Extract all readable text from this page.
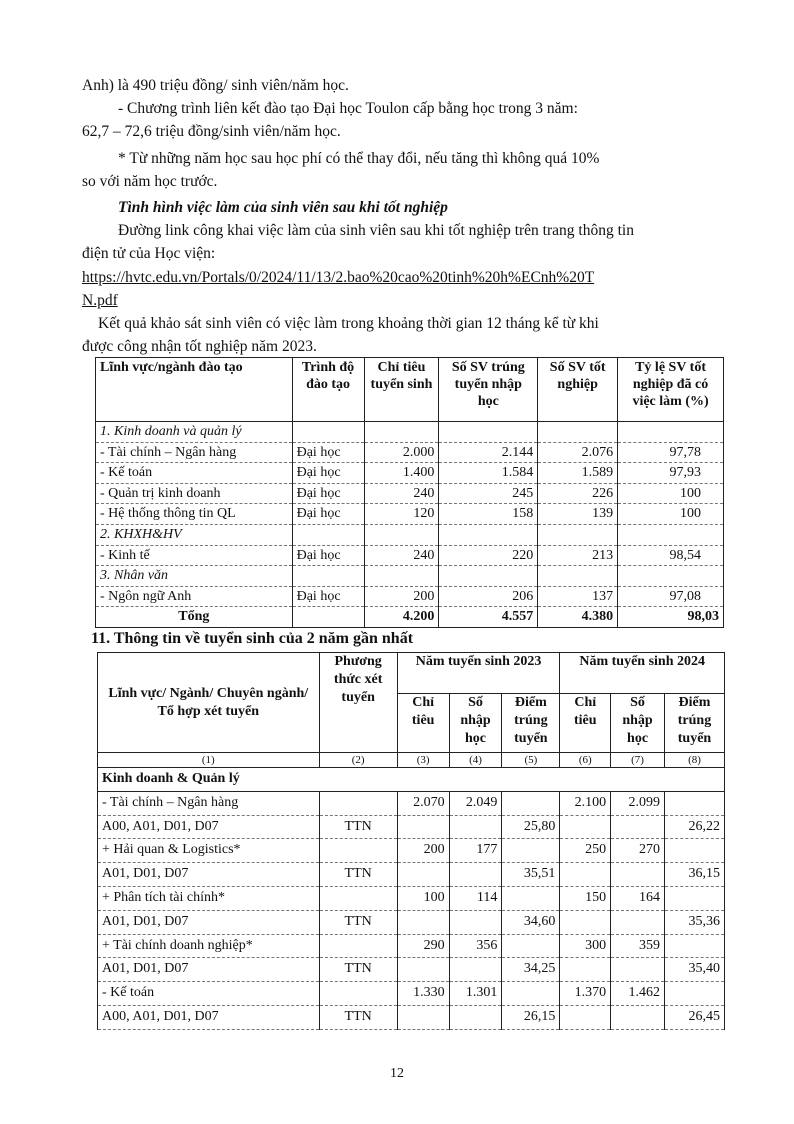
Anh) là 490 triệu đồng/ sinh viên/năm học.
- Chương trình liên kết đào tạo Đại học Toulon cấp bằng học trong 3 năm:
62,7 – 72,6 triệu đồng/sinh viên/năm học.
* Từ những năm học sau học phí có thể thay đổi, nếu tăng thì không quá 10%
so với năm học trước.
Tình hình việc làm của sinh viên sau khi tốt nghiệp
Đường link công khai việc làm của sinh viên sau khi tốt nghiệp trên trang thông tin
điện tử của Học viện:
https://hvtc.edu.vn/Portals/0/2024/11/13/2.bao%20cao%20tinh%20h%ECnh%20T
N.pdf
Kết quả khảo sát sinh viên có việc làm trong khoảng thời gian 12 tháng kể từ khi
được công nhận tốt nghiệp năm 2023.
Lĩnh vực/ngành đào tạo	Trình độ đào tạo	Chỉ tiêu tuyển sinh	Số SV trúng tuyển nhập học	Số SV tốt nghiệp	Tỷ lệ SV tốt nghiệp đã có việc làm (%)
1. Kinh doanh và quản lý					
- Tài chính – Ngân hàng	Đại học	2.000	2.144	2.076	97,78
- Kế toán	Đại học	1.400	1.584	1.589	97,93
- Quản trị kinh doanh	Đại học	240	245	226	100
- Hệ thống thông tin QL	Đại học	120	158	139	100
2. KHXH&HV					
- Kinh tế	Đại học	240	220	213	98,54
3. Nhân văn					
- Ngôn ngữ Anh	Đại học	200	206	137	97,08
Tổng		4.200	4.557	4.380	98,03
11. Thông tin về tuyển sinh của 2 năm gần nhất
Lĩnh vực/ Ngành/ Chuyên ngành/ Tổ hợp xét tuyển	Phương thức xét tuyển	Năm tuyển sinh 2023			Năm tuyển sinh 2024		
		Chỉ tiêu	Số nhập học	Điểm trúng tuyển	Chỉ tiêu	Số nhập học	Điểm trúng tuyển
(1)	(2)	(3)	(4)	(5)	(6)	(7)	(8)
Kinh doanh & Quản lý							
- Tài chính – Ngân hàng		2.070	2.049		2.100	2.099	
A00, A01, D01, D07	TTN			25,80			26,22
+ Hải quan & Logistics*		200	177		250	270	
A01, D01, D07	TTN			35,51			36,15
+ Phân tích tài chính*		100	114		150	164	
A01, D01, D07	TTN			34,60			35,36
+ Tài chính doanh nghiệp*		290	356		300	359	
A01, D01, D07	TTN			34,25			35,40
- Kế toán		1.330	1.301		1.370	1.462	
A00, A01, D01, D07	TTN			26,15			26,45
12
